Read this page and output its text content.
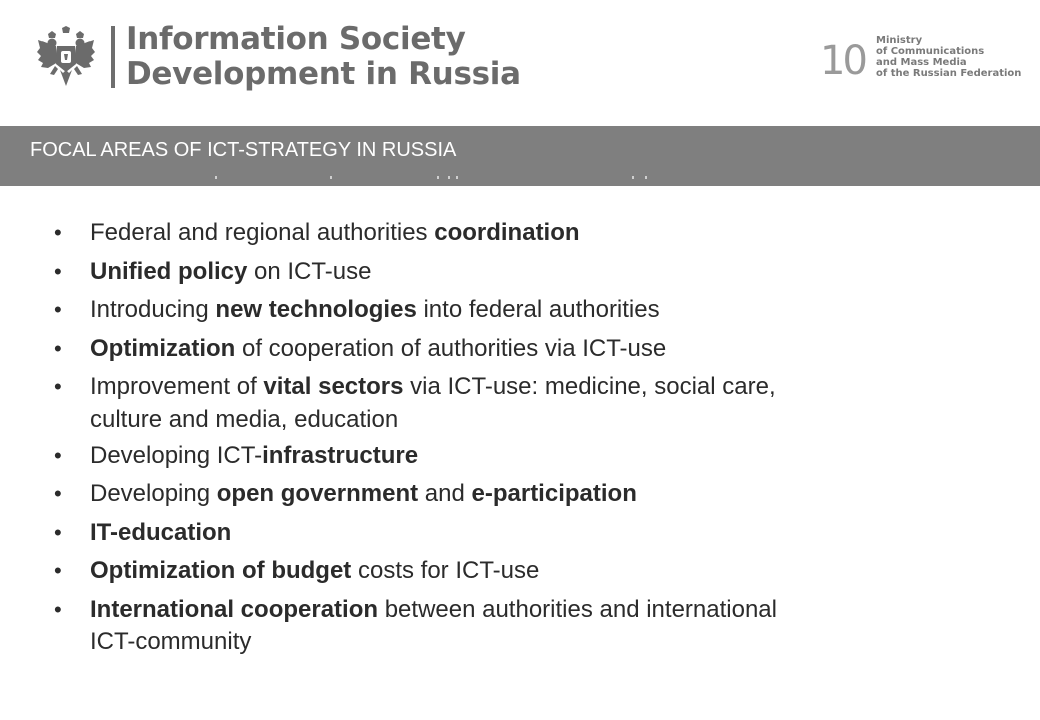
Information Society
Development in Russia	10 Ministry
of Communications
and Mass Media
of the Russian Federation
FOCAL AREAS OF ICT-STRATEGY IN RUSSIA
• Federal and regional authorities coordination
• Unified policy on ICT-use
• Introducing new technologies into federal authorities
• Optimization of cooperation of authorities via ICT-use
• Improvement of vital sectors via ICT-use: medicine, social care,
culture and media, education
• Developing ICT-infrastructure
• Developing open government and e-participation
• IT-education
• Optimization of budget costs for ICT-use
• International cooperation between authorities and international
ICT-community
